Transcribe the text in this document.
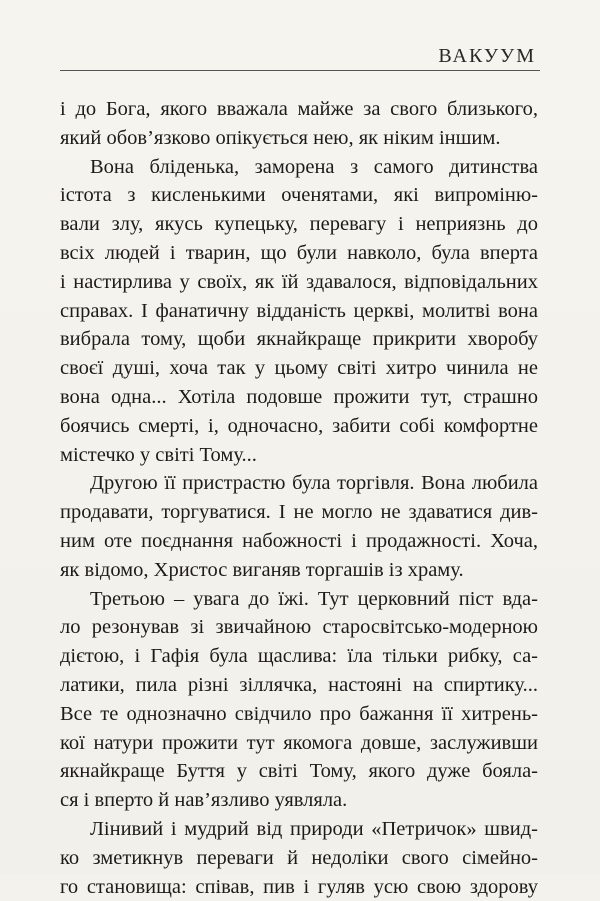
ВАКУУМ
і до Бога, якого вважала майже за свого близького,
який обов’язково опікується нею, як ніким іншим.
Вона бліденька, заморена з самого дитинства
істота з кисленькими оченятами, які випроміню-
вали злу, якусь купецьку, перевагу і неприязнь до
всіх людей і тварин, що були навколо, була вперта
і настирлива у своїх, як їй здавалося, відповідальних
справах. І фанатичну відданість церкві, молитві вона
вибрала тому, щоби якнайкраще прикрити хворобу
своєї душі, хоча так у цьому світі хитро чинила не
вона одна... Хотіла подовше прожити тут, страшно
боячись смерті, і, одночасно, забити собі комфортне
містечко у світі Тому...
Другою її пристрастю була торгівля. Вона любила
продавати, торгуватися. І не могло не здаватися див-
ним оте поєднання набожності і продажності. Хоча,
як відомо, Христос виганяв торгашів із храму.
Третьою – увага до їжі. Тут церковний піст вда-
ло резонував зі звичайною старосвітсько-модерною
дієтою, і Гафія була щаслива: їла тільки рибку, са-
латики, пила різні зіллячка, настояні на спиртику...
Все те однозначно свідчило про бажання її хитрень-
кої натури прожити тут якомога довше, заслуживши
якнайкраще Буття у світі Тому, якого дуже боялa-
ся і вперто й нав’язливо уявляла.
Лінивий і мудрий від природи «Петричок» швид-
ко зметикнув переваги й недоліки свого сімейно-
го становища: співав, пив і гуляв усю свою здорову
